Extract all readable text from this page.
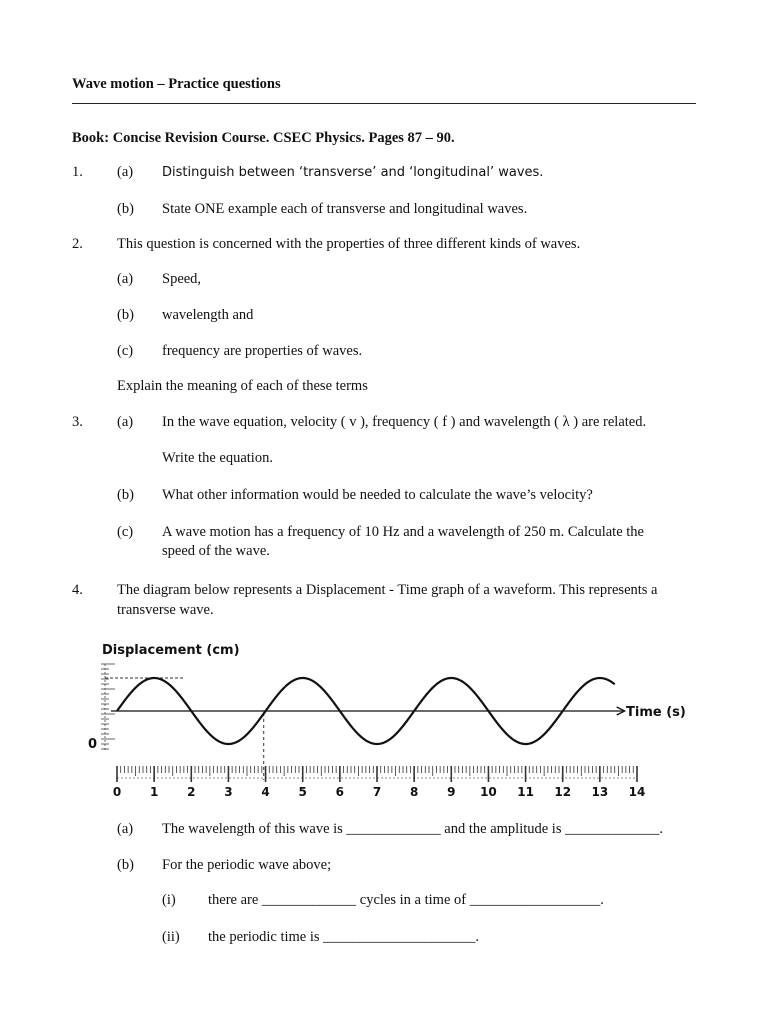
Wave motion – Practice questions
Book: Concise Revision Course. CSEC Physics. Pages 87 – 90.
1. (a) Distinguish between ‘transverse’ and ‘longitudinal’ waves.
(b) State ONE example each of transverse and longitudinal waves.
2. This question is concerned with the properties of three different kinds of waves.
(a) Speed,
(b) wavelength and
(c) frequency are properties of waves.
Explain the meaning of each of these terms
3. (a) In the wave equation, velocity ( v ), frequency ( f ) and wavelength ( λ ) are related.
Write the equation.
(b) What other information would be needed to calculate the wave’s velocity?
(c) A wave motion has a frequency of 10 Hz and a wavelength of 250 m. Calculate the
speed of the wave.
4. The diagram below represents a Displacement - Time graph of a waveform. This represents a
transverse wave.
Displacement (cm)
Time (s)
0
0 1 2 3 4 5 6 7 8 9 10 11 12 13 14
(a) The wavelength of this wave is _____________ and the amplitude is _____________.
(b) For the periodic wave above;
(i) there are _____________ cycles in a time of __________________.
(ii) the periodic time is _____________________.
